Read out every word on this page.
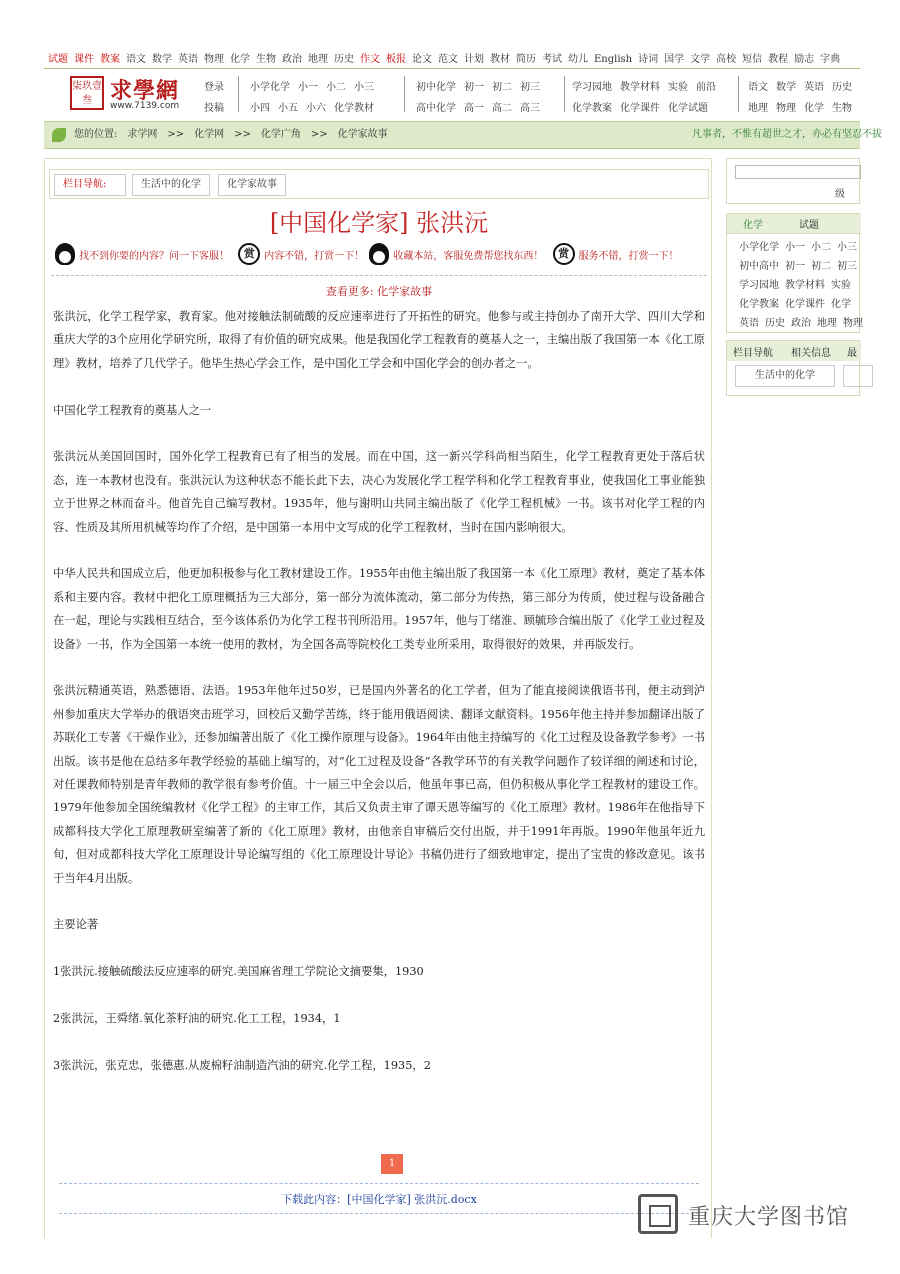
试题 课件 教案 语文 数学 英语 物理 化学 生物 政治 地理 历史 作文 板报 论文 范文 计划 教材 简历 考试 幼儿 English 诗词 国学 文学 高校 短信 教程 励志 字典
柒玖壹叁 求學網
www.7139.com
登录
投稿
小学化学 小一 小二 小三
小四 小五 小六 化学教材
初中化学 初一 初二 初三
高中化学 高一 高二 高三
学习园地 教学材料 实验 前沿
化学教案 化学课件 化学试题
语文 数学 英语 历史
地理 物理 化学 生物
您的位置: 求学网 >> 化学网 >> 化学广角 >> 化学家故事	凡事者，不惟有超世之才，亦必有坚忍不拔
栏目导航:	生活中的化学	化学家故事
[中国化学家] 张洪沅
找不到你要的内容？问一下客服！ 赏 内容不错，打赏一下！	收藏本站，客服免费帮您找东西！ 赏 服务不错，打赏一下！
查看更多: 化学家故事

张洪沅，化学工程学家，教育家。他对接触法制硫酸的反应速率进行了开拓性的研究。他参与或主持创办了南开大学、四川大学和重庆大学的3个应用化学研究所，取得了有价值的研究成果。他是我国化学工程教育的奠基人之一，主编出版了我国第一本《化工原理》教材，培养了几代学子。他毕生热心学会工作，是中国化工学会和中国化学会的创办者之一。

中国化学工程教育的奠基人之一

张洪沅从美国回国时，国外化学工程教育已有了相当的发展。而在中国，这一新兴学科尚相当陌生，化学工程教育更处于落后状态，连一本教材也没有。张洪沅认为这种状态不能长此下去，决心为发展化学工程学科和化学工程教育事业，使我国化工事业能独立于世界之林而奋斗。他首先自己编写教材。1935年，他与谢明山共同主编出版了《化学工程机械》一书。该书对化学工程的内容、性质及其所用机械等均作了介绍，是中国第一本用中文写成的化学工程教材，当时在国内影响很大。

中华人民共和国成立后，他更加积极参与化工教材建设工作。1955年由他主编出版了我国第一本《化工原理》教材，奠定了基本体系和主要内容。教材中把化工原理概括为三大部分，第一部分为流体流动，第二部分为传热，第三部分为传质，使过程与设备融合在一起，理论与实践相互结合，至今该体系仍为化学工程书刊所沿用。1957年，他与丁绪淮、顾毓珍合编出版了《化学工业过程及设备》一书，作为全国第一本统一使用的教材，为全国各高等院校化工类专业所采用，取得很好的效果，并再版发行。

张洪沅精通英语，熟悉德语、法语。1953年他年过50岁，已是国内外著名的化工学者，但为了能直接阅读俄语书刊，便主动到泸州参加重庆大学举办的俄语突击班学习，回校后又勤学苦练，终于能用俄语阅读、翻译文献资料。1956年他主持并参加翻译出版了苏联化工专著《干燥作业》，还参加编著出版了《化工操作原理与设备》。1964年由他主持编写的《化工过程及设备教学参考》一书出版。该书是他在总结多年教学经验的基础上编写的，对“化工过程及设备”各教学环节的有关教学问题作了较详细的阐述和讨论，对任课教师特别是青年教师的教学很有参考价值。十一届三中全会以后，他虽年事已高，但仍积极从事化学工程教材的建设工作。1979年他参加全国统编教材《化学工程》的主审工作，其后又负责主审了谭天恩等编写的《化工原理》教材。1986年在他指导下成都科技大学化工原理教研室编著了新的《化工原理》教材，由他亲自审稿后交付出版，并于1991年再版。1990年他虽年近九旬，但对成都科技大学化工原理设计导论编写组的《化工原理设计导论》书稿仍进行了细致地审定，提出了宝贵的修改意见。该书于当年4月出版。

主要论著

1张洪沅.接触硫酸法反应速率的研究.美国麻省理工学院论文摘要集，1930

2张洪沅，王舜绪.氧化茶籽油的研究.化工工程，1934，1

3张洪沅，张克忠，张德惠.从废棉籽油制造汽油的研究.化学工程，1935，2

1
下载此内容：[中国化学家] 张洪沅.docx
级
化学	试题
小学化学 小一 小二 小三
初中高中 初一 初二 初三
学习园地 教学材料 实验
化学教案 化学课件 化学
英语 历史 政治 地理 物理
栏目导航 相关信息 最
生活中的化学
重庆大学图书馆
